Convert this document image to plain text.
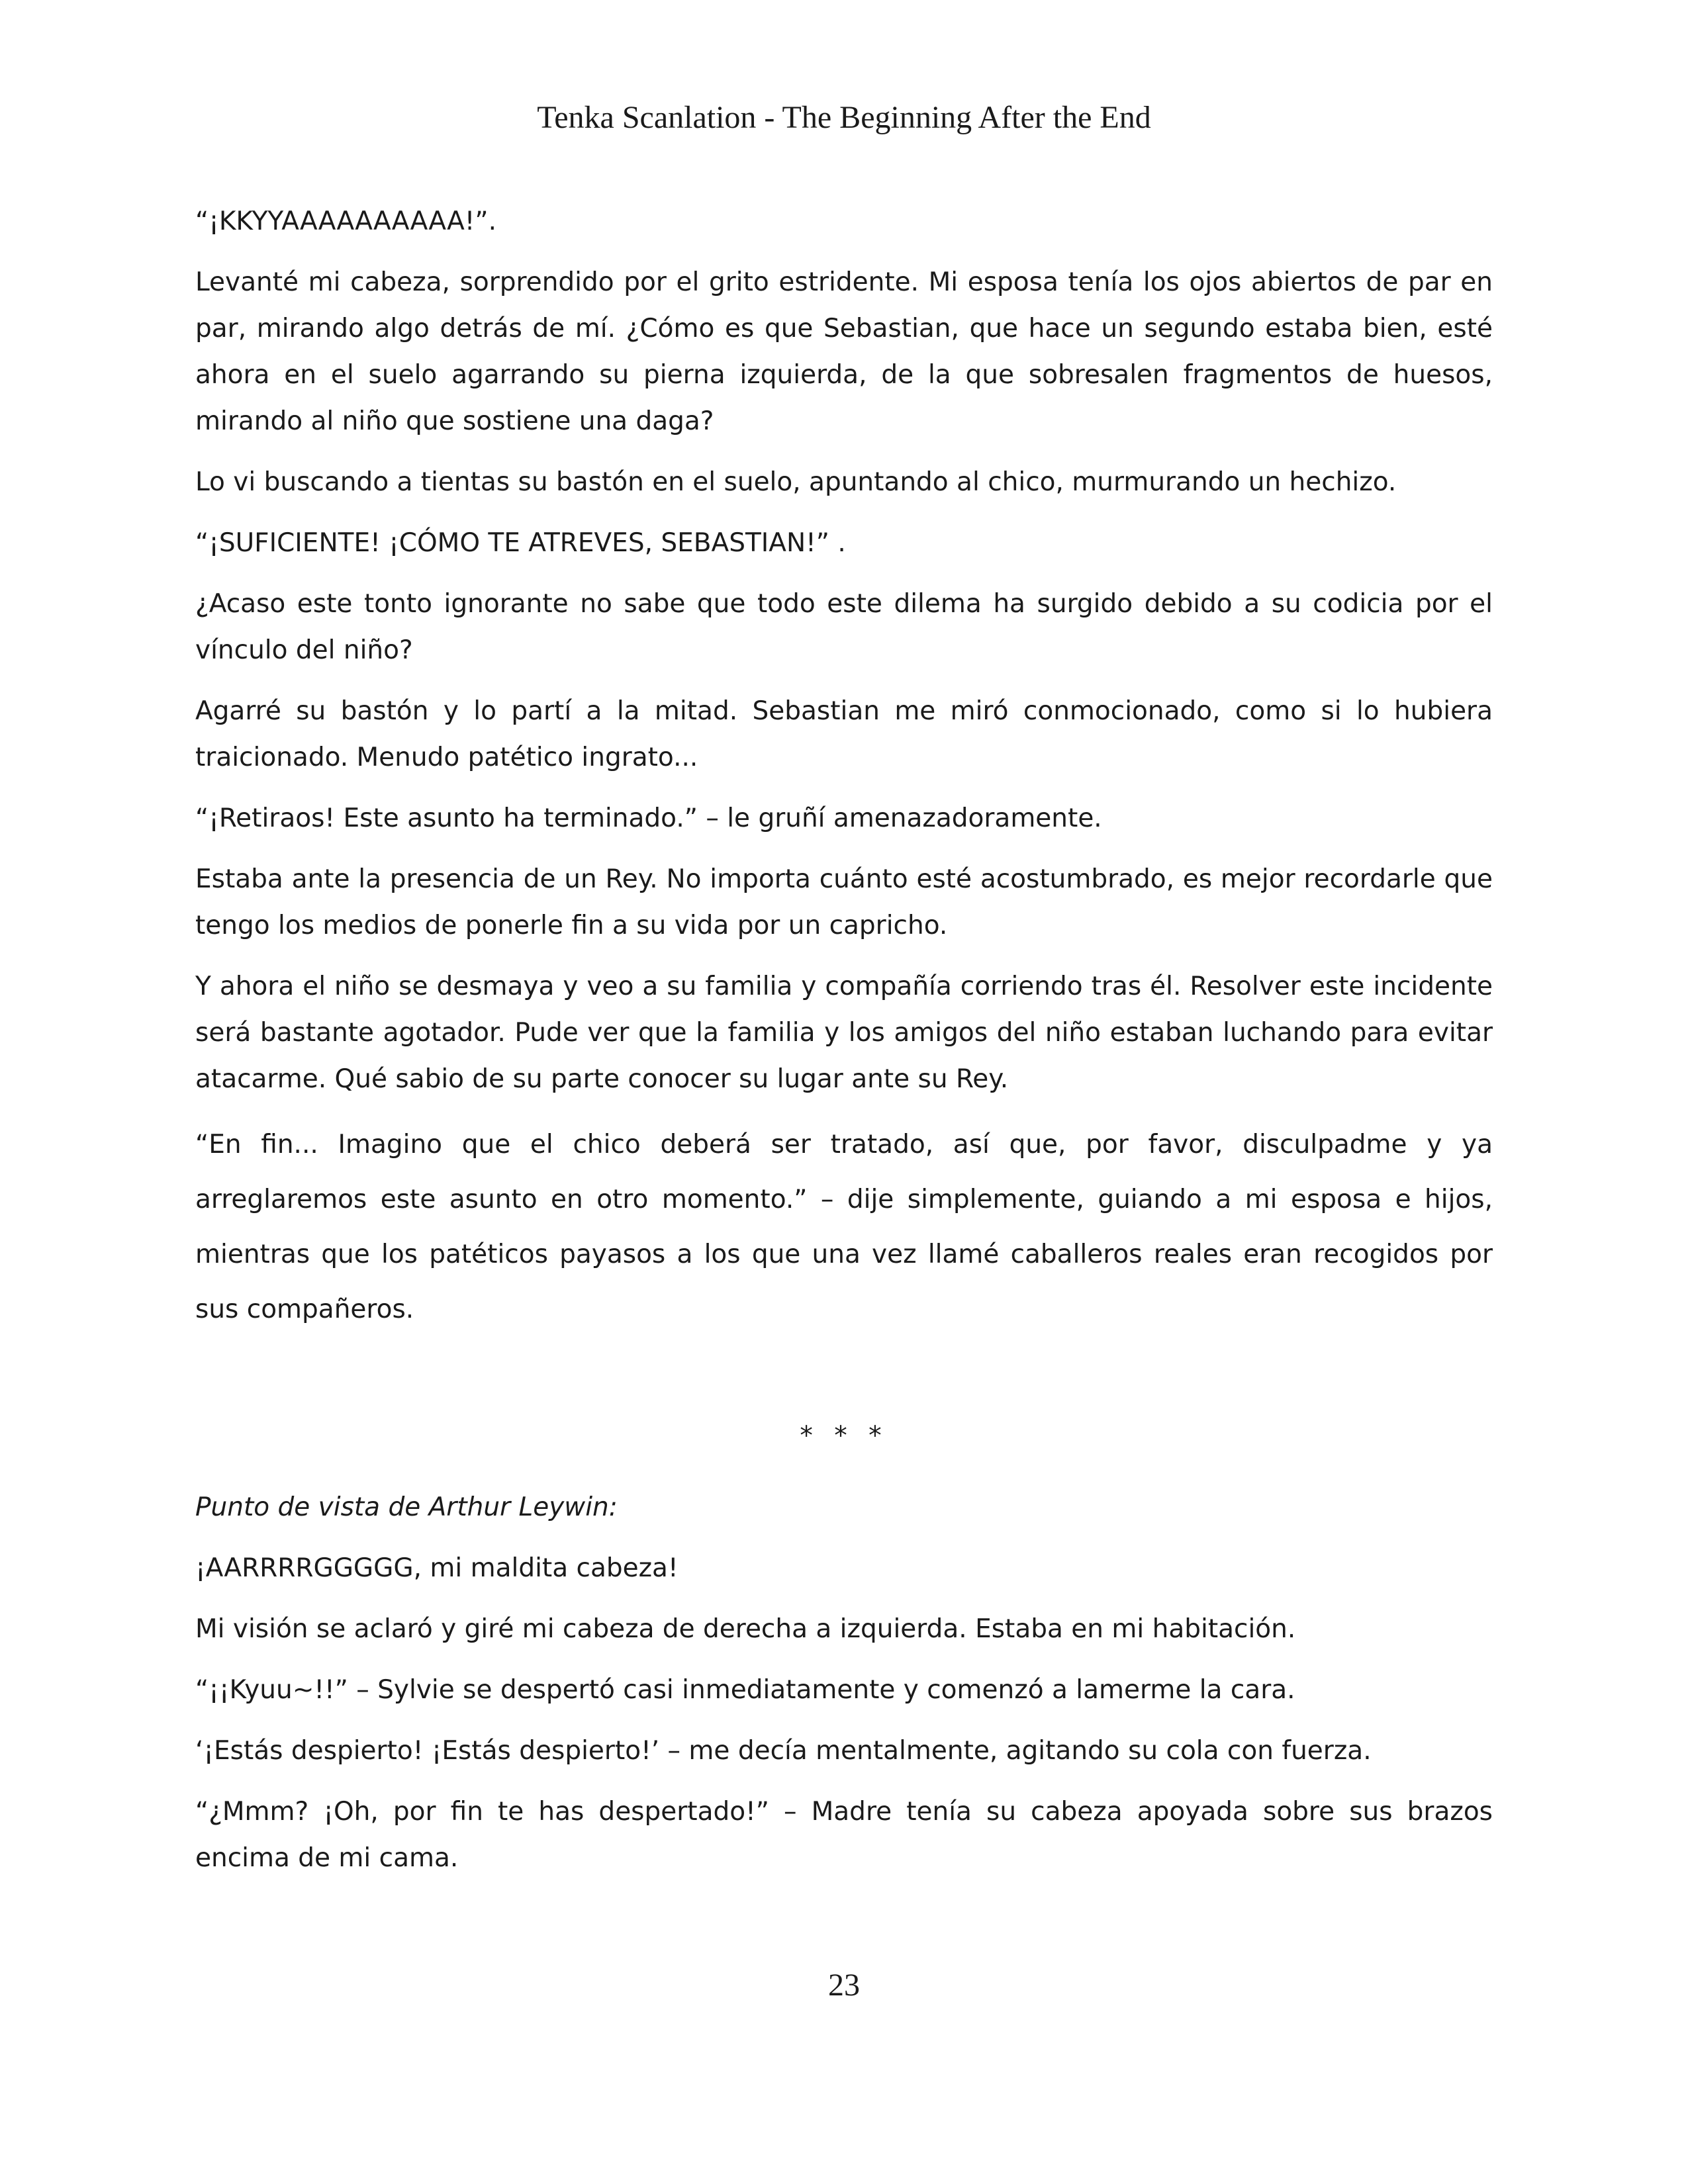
Tenka Scanlation - The Beginning After the End

“¡KKYYAAAAAAAAAA!”.

Levanté mi cabeza, sorprendido por el grito estridente. Mi esposa tenía los ojos abiertos de par en par, mirando algo detrás de mí. ¿Cómo es que Sebastian, que hace un segundo estaba bien, esté ahora en el suelo agarrando su pierna izquierda, de la que sobresalen fragmentos de huesos, mirando al niño que sostiene una daga?

Lo vi buscando a tientas su bastón en el suelo, apuntando al chico, murmurando un hechizo.

“¡SUFICIENTE! ¡CÓMO TE ATREVES, SEBASTIAN!” .

¿Acaso este tonto ignorante no sabe que todo este dilema ha surgido debido a su codicia por el vínculo del niño?

Agarré su bastón y lo partí a la mitad. Sebastian me miró conmocionado, como si lo hubiera traicionado. Menudo patético ingrato...

“¡Retiraos! Este asunto ha terminado.” – le gruñí amenazadoramente.

Estaba ante la presencia de un Rey. No importa cuánto esté acostumbrado, es mejor recordarle que tengo los medios de ponerle fin a su vida por un capricho.

Y ahora el niño se desmaya y veo a su familia y compañía corriendo tras él. Resolver este incidente será bastante agotador. Pude ver que la familia y los amigos del niño estaban luchando para evitar atacarme. Qué sabio de su parte conocer su lugar ante su Rey.

“En fin... Imagino que el chico deberá ser tratado, así que, por favor, disculpadme y ya arreglaremos este asunto en otro momento.” – dije simplemente, guiando a mi esposa e hijos, mientras que los patéticos payasos a los que una vez llamé caballeros reales eran recogidos por sus compañeros.

* * *

Punto de vista de Arthur Leywin:

¡AARRRRGGGGG, mi maldita cabeza!

Mi visión se aclaró y giré mi cabeza de derecha a izquierda. Estaba en mi habitación.

“¡¡Kyuu~!!” – Sylvie se despertó casi inmediatamente y comenzó a lamerme la cara.

‘¡Estás despierto! ¡Estás despierto!’ – me decía mentalmente, agitando su cola con fuerza.

“¿Mmm? ¡Oh, por fin te has despertado!” – Madre tenía su cabeza apoyada sobre sus brazos encima de mi cama.

23
